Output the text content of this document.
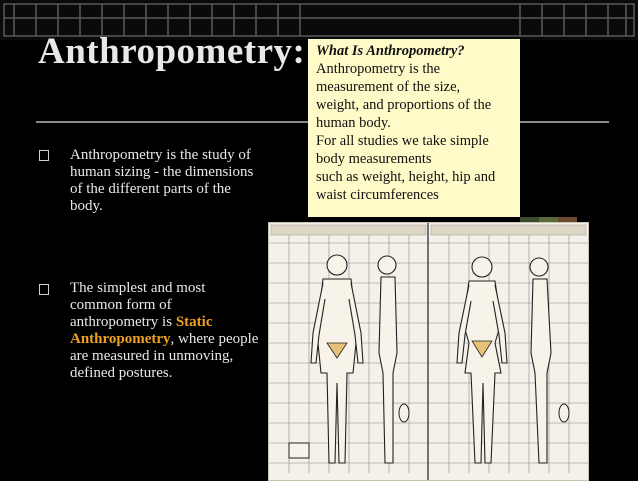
Anthropometry:
Anthropometry is the study of human sizing - the dimensions of the different parts of the body.
The simplest and most common form of anthropometry is Static Anthropometry, where people are measured in unmoving, defined postures.
What Is Anthropometry?
Anthropometry is the
measurement of the size,
weight, and proportions of the
human body.
For all studies we take simple
body measurements
such as weight, height, hip and
waist circumferences
